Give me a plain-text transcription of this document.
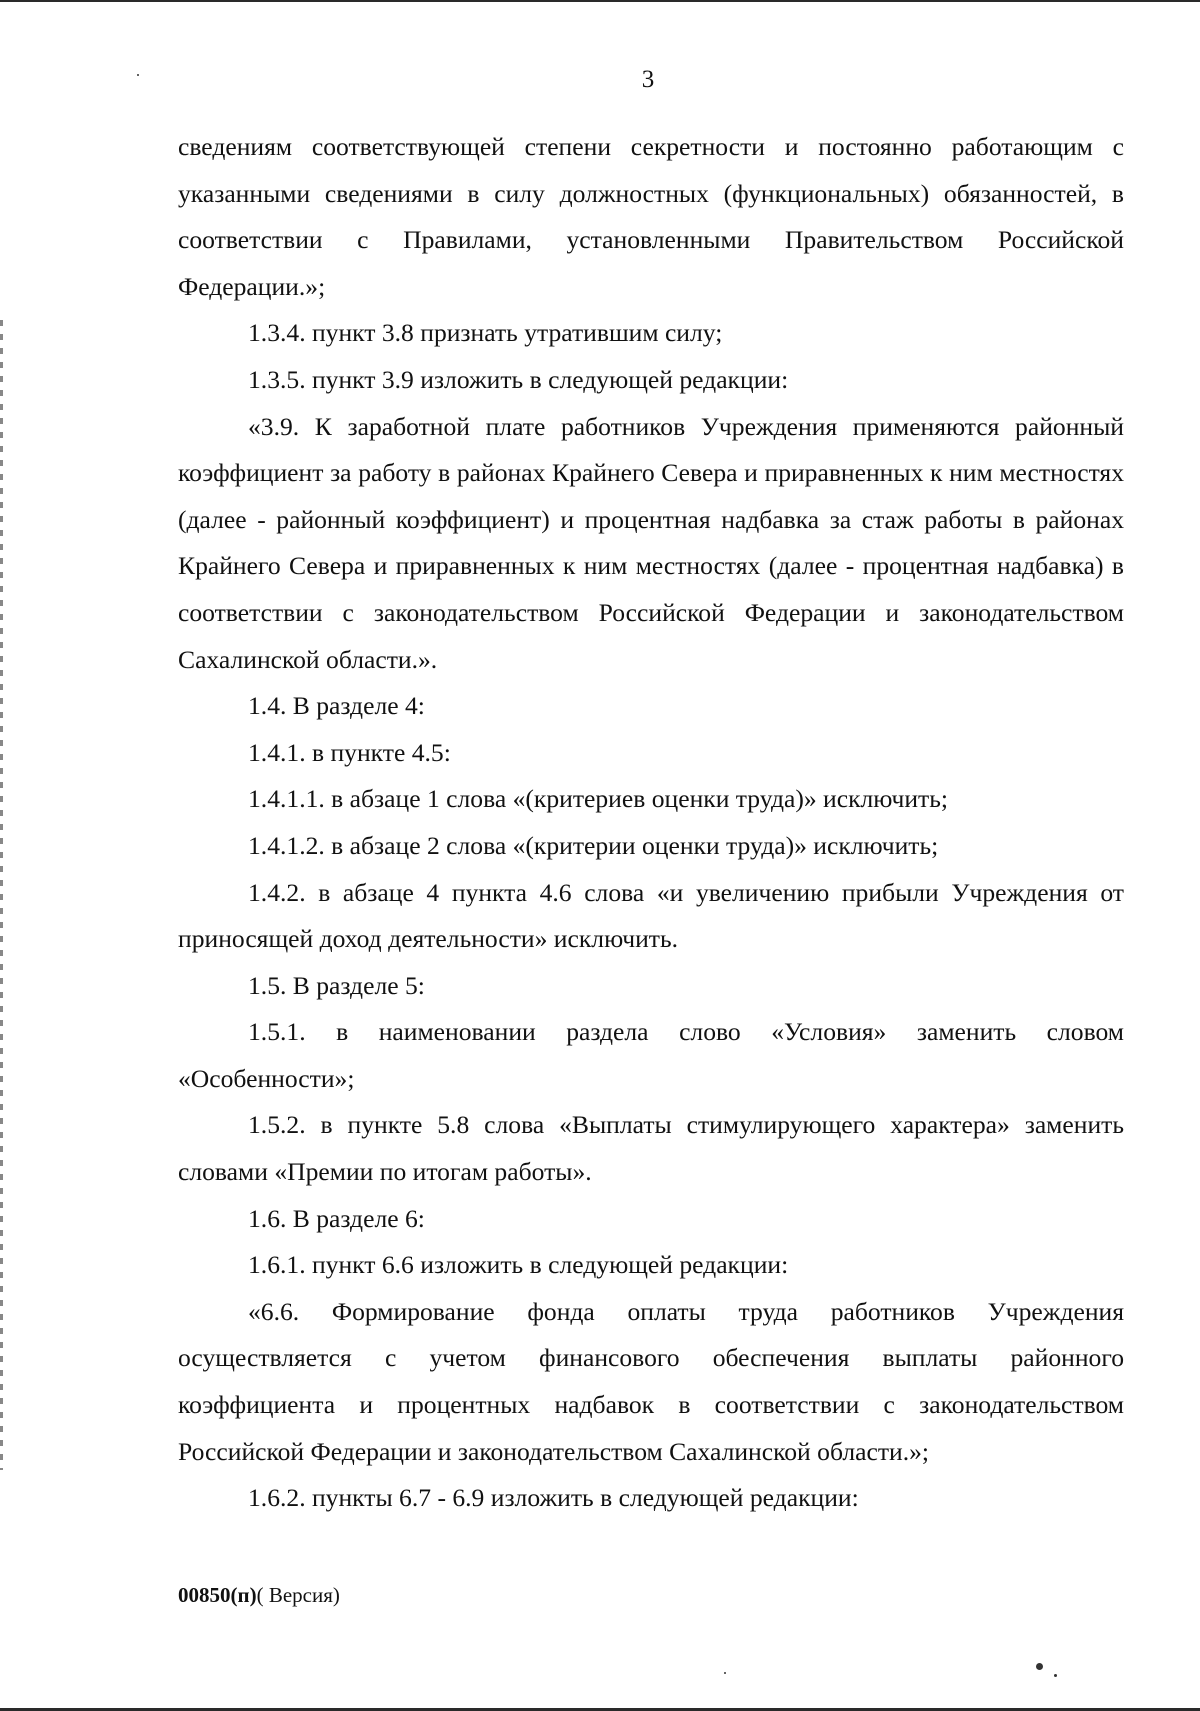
3

сведениям соответствующей степени секретности и постоянно работающим с указанными сведениями в силу должностных (функциональных) обязанностей, в соответствии с Правилами, установленными Правительством Российской Федерации.»;

1.3.4. пункт 3.8 признать утратившим силу;

1.3.5. пункт 3.9 изложить в следующей редакции:

«3.9. К заработной плате работников Учреждения применяются районный коэффициент за работу в районах Крайнего Севера и приравненных к ним местностях (далее - районный коэффициент) и процентная надбавка за стаж работы в районах Крайнего Севера и приравненных к ним местностях (далее - процентная надбавка) в соответствии с законодательством Российской Федерации и законодательством Сахалинской области.».

1.4. В разделе 4:

1.4.1. в пункте 4.5:

1.4.1.1. в абзаце 1 слова «(критериев оценки труда)» исключить;

1.4.1.2. в абзаце 2 слова «(критерии оценки труда)» исключить;

1.4.2. в абзаце 4 пункта 4.6 слова «и увеличению прибыли Учреждения от приносящей доход деятельности» исключить.

1.5. В разделе 5:

1.5.1. в наименовании раздела слово «Условия» заменить словом «Особенности»;

1.5.2. в пункте 5.8 слова «Выплаты стимулирующего характера» заменить словами «Премии по итогам работы».

1.6. В разделе 6:

1.6.1. пункт 6.6 изложить в следующей редакции:

«6.6. Формирование фонда оплаты труда работников Учреждения осуществляется с учетом финансового обеспечения выплаты районного коэффициента и процентных надбавок в соответствии с законодательством Российской Федерации и законодательством Сахалинской области.»;

1.6.2. пункты 6.7 - 6.9 изложить в следующей редакции:

00850(п)( Версия)
